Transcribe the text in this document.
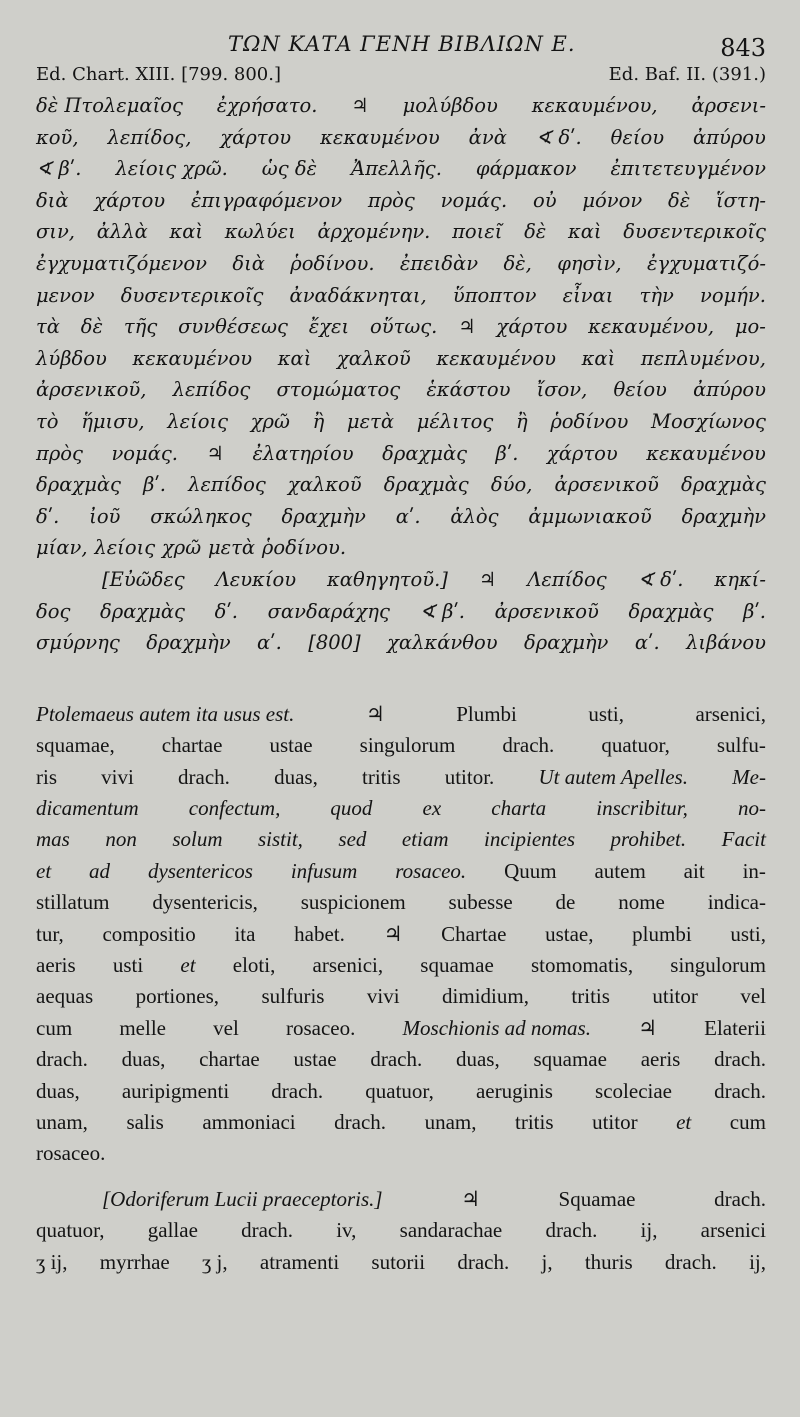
ΤΩΝ ΚΑΤΑ ΓΕΝΗ ΒΙΒΛΙΩΝ Ε.	843
Ed. Chart. XIII. [799. 800.]	Ed. Baf. II. (391.)
δὲ Πτολεμαῖος ἐχρήσατο. ♃ μολύβδου κεκαυμένου, ἀρσενι-
κοῦ, λεπίδος, χάρτου κεκαυμένου ἀνὰ ∢ δʹ. θείου ἀπύρου
∢ βʹ. λείοις χρῶ. ὡς δὲ Ἀπελλῆς. φάρμακον ἐπιτετευγμένον
διὰ χάρτου ἐπιγραφόμενον πρὸς νομάς. οὐ μόνον δὲ ἵστη-
σιν, ἀλλὰ καὶ κωλύει ἀρχομένην. ποιεῖ δὲ καὶ δυσεντερικοῖς
ἐγχυματιζόμενον διὰ ῥοδίνου. ἐπειδὰν δὲ, φησὶν, ἐγχυματιζό-
μενον δυσεντερικοῖς ἀναδάκνηται, ὕποπτον εἶναι τὴν νομήν.
τὰ δὲ τῆς συνθέσεως ἔχει οὕτως. ♃ χάρτου κεκαυμένου, μο-
λύβδου κεκαυμένου καὶ χαλκοῦ κεκαυμένου καὶ πεπλυμένου,
ἀρσενικοῦ, λεπίδος στομώματος ἑκάστου ἴσον, θείου ἀπύρου
τὸ ἥμισυ, λείοις χρῶ ἢ μετὰ μέλιτος ἢ ῥοδίνου Μοσχίωνος
πρὸς νομάς. ♃ ἐλατηρίου δραχμὰς βʹ. χάρτου κεκαυμένου
δραχμὰς βʹ. λεπίδος χαλκοῦ δραχμὰς δύο, ἀρσενικοῦ δραχμὰς
δʹ. ἰοῦ σκώληκος δραχμὴν αʹ. ἁλὸς ἀμμωνιακοῦ δραχμὴν
μίαν, λείοις χρῶ μετὰ ῥοδίνου.
[Εὐῶδες Λευκίου καθηγητοῦ.] ♃ Λεπίδος ∢ δʹ. κηκί-
δος δραχμὰς δʹ. σανδαράχης ∢ βʹ. ἀρσενικοῦ δραχμὰς βʹ.
σμύρνης δραχμὴν αʹ. [800] χαλκάνθου δραχμὴν αʹ. λιβάνου
Ptolemaeus autem ita usus est.	♃	Plumbi	usti,	arsenici,
squamae, chartae ustae singulorum drach. quatuor, sulfu-
ris vivi drach. duas, tritis utitor. Ut autem Apelles. Me-
dicamentum confectum, quod ex charta inscribitur, no-
mas non solum sistit, sed etiam incipientes prohibet. Facit
et ad dysentericos infusum rosaceo. Quum autem ait in-
stillatum dysentericis, suspicionem subesse de nome indica-
tur, compositio ita habet. ♃ Chartae ustae, plumbi usti,
aeris usti et eloti, arsenici, squamae stomomatis, singulorum
aequas portiones, sulfuris vivi dimidium, tritis utitor vel
cum melle vel rosaceo. Moschionis ad nomas. ♃ Elaterii
drach. duas, chartae ustae drach. duas, squamae aeris drach.
duas, auripigmenti drach. quatuor, aeruginis scoleciae drach.
unam, salis ammoniaci drach. unam, tritis utitor et cum
rosaceo.
[Odoriferum Lucii praeceptoris.]	♃	Squamae	drach.
quatuor, gallae drach. iv, sandarachae drach. ij, arsenici
ʒ ij, myrrhae ʒ j, atramenti sutorii drach. j, thuris drach. ij,
